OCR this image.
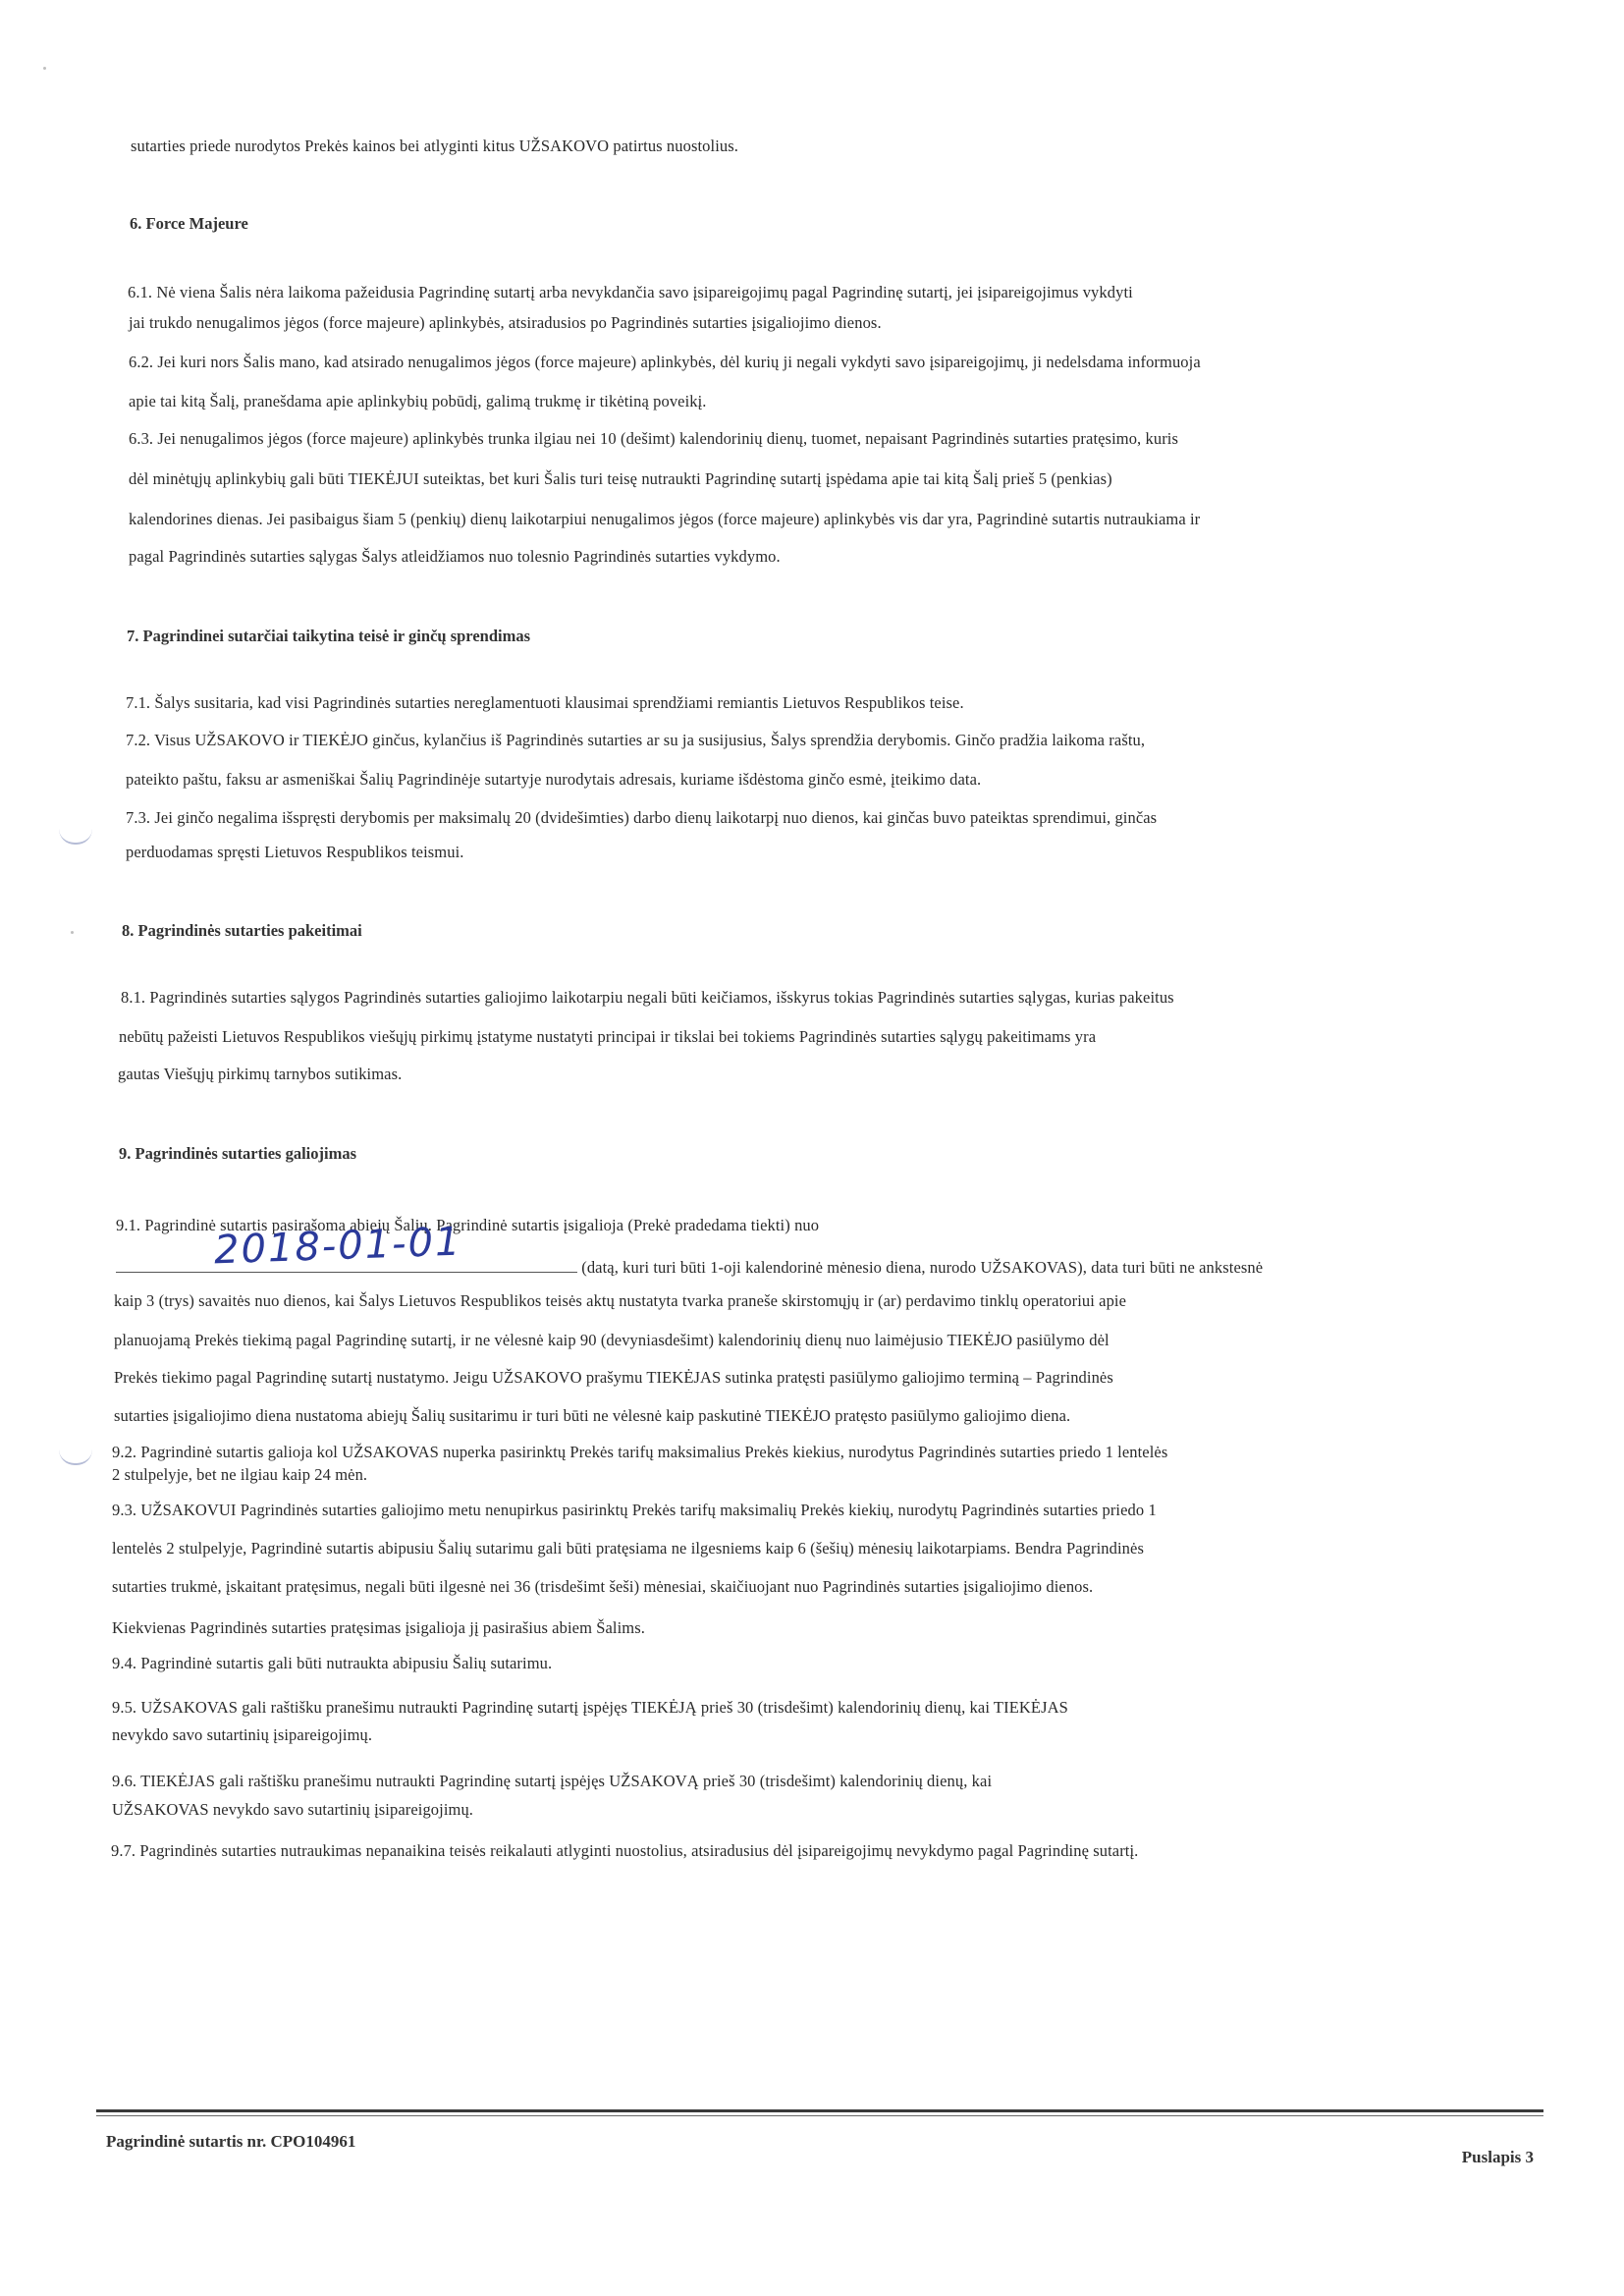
sutarties priede nurodytos Prekės kainos bei atlyginti kitus UŽSAKOVO patirtus nuostolius.
6. Force Majeure
6.1. Nė viena Šalis nėra laikoma pažeidusia Pagrindinę sutartį arba nevykdančia savo įsipareigojimų pagal Pagrindinę sutartį, jei įsipareigojimus vykdyti
jai trukdo nenugalimos jėgos (force majeure) aplinkybės, atsiradusios po Pagrindinės sutarties įsigaliojimo dienos.
6.2. Jei kuri nors Šalis mano, kad atsirado nenugalimos jėgos (force majeure) aplinkybės, dėl kurių ji negali vykdyti savo įsipareigojimų, ji nedelsdama informuoja
apie tai kitą Šalį, pranešdama apie aplinkybių pobūdį, galimą trukmę ir tikėtiną poveikį.
6.3. Jei nenugalimos jėgos (force majeure) aplinkybės trunka ilgiau nei 10 (dešimt) kalendorinių dienų, tuomet, nepaisant Pagrindinės sutarties pratęsimo, kuris
dėl minėtųjų aplinkybių gali būti TIEKĖJUI suteiktas, bet kuri Šalis turi teisę nutraukti Pagrindinę sutartį įspėdama apie tai kitą Šalį prieš 5 (penkias)
kalendorines dienas. Jei pasibaigus šiam 5 (penkių) dienų laikotarpiui nenugalimos jėgos (force majeure) aplinkybės vis dar yra, Pagrindinė sutartis nutraukiama ir
pagal Pagrindinės sutarties sąlygas Šalys atleidžiamos nuo tolesnio Pagrindinės sutarties vykdymo.
7. Pagrindinei sutarčiai taikytina teisė ir ginčų sprendimas
7.1. Šalys susitaria, kad visi Pagrindinės sutarties nereglamentuoti klausimai sprendžiami remiantis Lietuvos Respublikos teise.
7.2. Visus UŽSAKOVO ir TIEKĖJO ginčus, kylančius iš Pagrindinės sutarties ar su ja susijusius, Šalys sprendžia derybomis. Ginčo pradžia laikoma raštu,
pateikto paštu, faksu ar asmeniškai Šalių Pagrindinėje sutartyje nurodytais adresais, kuriame išdėstoma ginčo esmė, įteikimo data.
7.3. Jei ginčo negalima išspręsti derybomis per maksimalų 20 (dvidešimties) darbo dienų laikotarpį nuo dienos, kai ginčas buvo pateiktas sprendimui, ginčas
perduodamas spręsti Lietuvos Respublikos teismui.
8. Pagrindinės sutarties pakeitimai
8.1. Pagrindinės sutarties sąlygos Pagrindinės sutarties galiojimo laikotarpiu negali būti keičiamos, išskyrus tokias Pagrindinės sutarties sąlygas, kurias pakeitus
nebūtų pažeisti Lietuvos Respublikos viešųjų pirkimų įstatyme nustatyti principai ir tikslai bei tokiems Pagrindinės sutarties sąlygų pakeitimams yra
gautas Viešųjų pirkimų tarnybos sutikimas.
9. Pagrindinės sutarties galiojimas
9.1. Pagrindinė sutartis pasirašoma abiejų Šalių. Pagrindinė sutartis įsigalioja (Prekė pradedama tiekti) nuo
(datą, kuri turi būti 1-oji kalendorinė mėnesio diena, nurodo UŽSAKOVAS), data turi būti ne ankstesnė
2018-01-01
kaip 3 (trys) savaitės nuo dienos, kai Šalys Lietuvos Respublikos teisės aktų nustatyta tvarka praneše skirstomųjų ir (ar) perdavimo tinklų operatoriui apie
planuojamą Prekės tiekimą pagal Pagrindinę sutartį, ir ne vėlesnė kaip 90 (devyniasdešimt) kalendorinių dienų nuo laimėjusio TIEKĖJO pasiūlymo dėl
Prekės tiekimo pagal Pagrindinę sutartį nustatymo. Jeigu UŽSAKOVO prašymu TIEKĖJAS sutinka pratęsti pasiūlymo galiojimo terminą – Pagrindinės
sutarties įsigaliojimo diena nustatoma abiejų Šalių susitarimu ir turi būti ne vėlesnė kaip paskutinė TIEKĖJO pratęsto pasiūlymo galiojimo diena.
9.2. Pagrindinė sutartis galioja kol UŽSAKOVAS nuperka pasirinktų Prekės tarifų maksimalius Prekės kiekius, nurodytus Pagrindinės sutarties priedo 1 lentelės
2 stulpelyje, bet ne ilgiau kaip 24 mėn.
9.3. UŽSAKOVUI Pagrindinės sutarties galiojimo metu nenupirkus pasirinktų Prekės tarifų maksimalių Prekės kiekių, nurodytų Pagrindinės sutarties priedo 1
lentelės 2 stulpelyje, Pagrindinė sutartis abipusiu Šalių sutarimu gali būti pratęsiama ne ilgesniems kaip 6 (šešių) mėnesių laikotarpiams. Bendra Pagrindinės
sutarties trukmė, įskaitant pratęsimus, negali būti ilgesnė nei 36 (trisdešimt šeši) mėnesiai, skaičiuojant nuo Pagrindinės sutarties įsigaliojimo dienos.
Kiekvienas Pagrindinės sutarties pratęsimas įsigalioja jį pasirašius abiem Šalims.
9.4. Pagrindinė sutartis gali būti nutraukta abipusiu Šalių sutarimu.
9.5. UŽSAKOVAS gali raštišku pranešimu nutraukti Pagrindinę sutartį įspėjęs TIEKĖJĄ prieš 30 (trisdešimt) kalendorinių dienų, kai TIEKĖJAS
nevykdo savo sutartinių įsipareigojimų.
9.6. TIEKĖJAS gali raštišku pranešimu nutraukti Pagrindinę sutartį įspėjęs UŽSAKOVĄ prieš 30 (trisdešimt) kalendorinių dienų, kai
UŽSAKOVAS nevykdo savo sutartinių įsipareigojimų.
9.7. Pagrindinės sutarties nutraukimas nepanaikina teisės reikalauti atlyginti nuostolius, atsiradusius dėl įsipareigojimų nevykdymo pagal Pagrindinę sutartį.
Pagrindinė sutartis nr. CPO104961
Puslapis 3
